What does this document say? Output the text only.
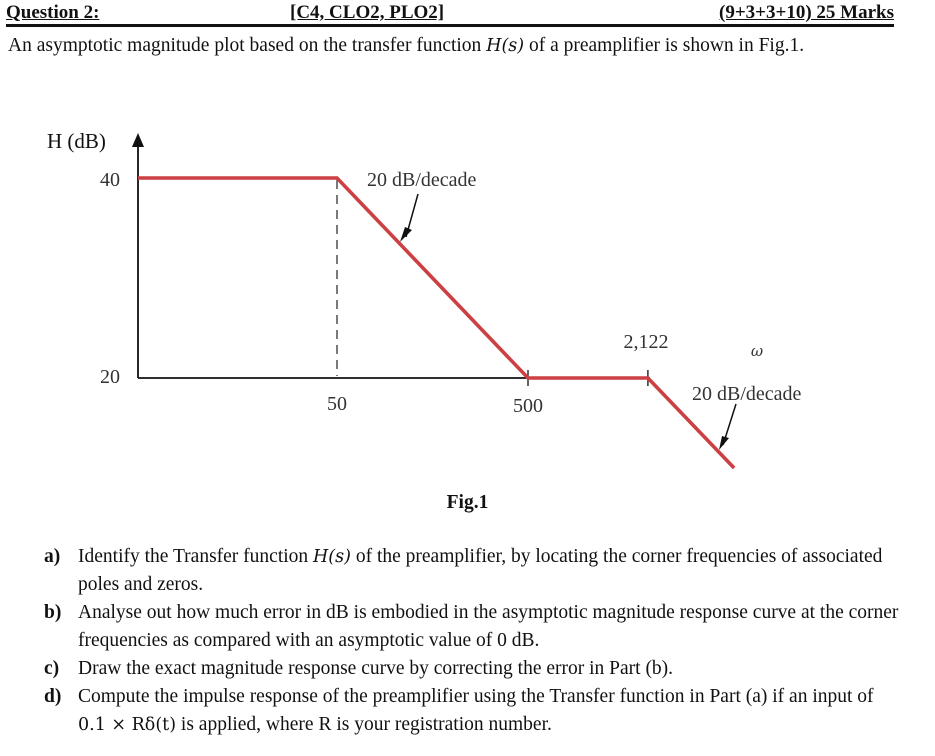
Question 2:	[C4, CLO2, PLO2]	(9+3+3+10) 25 Marks
An asymptotic magnitude plot based on the transfer function H(s) of a preamplifier is shown in Fig.1.
H (dB)
40
20
50	500
2,122	ω
20 dB/decade
20 dB/decade
Fig.1
a) Identify the Transfer function H(s) of the preamplifier, by locating the corner frequencies of associated poles and zeros.
b) Analyse out how much error in dB is embodied in the asymptotic magnitude response curve at the corner frequencies as compared with an asymptotic value of 0 dB.
c) Draw the exact magnitude response curve by correcting the error in Part (b).
d) Compute the impulse response of the preamplifier using the Transfer function in Part (a) if an input of 0.1 × Rδ(t) is applied, where R is your registration number.
